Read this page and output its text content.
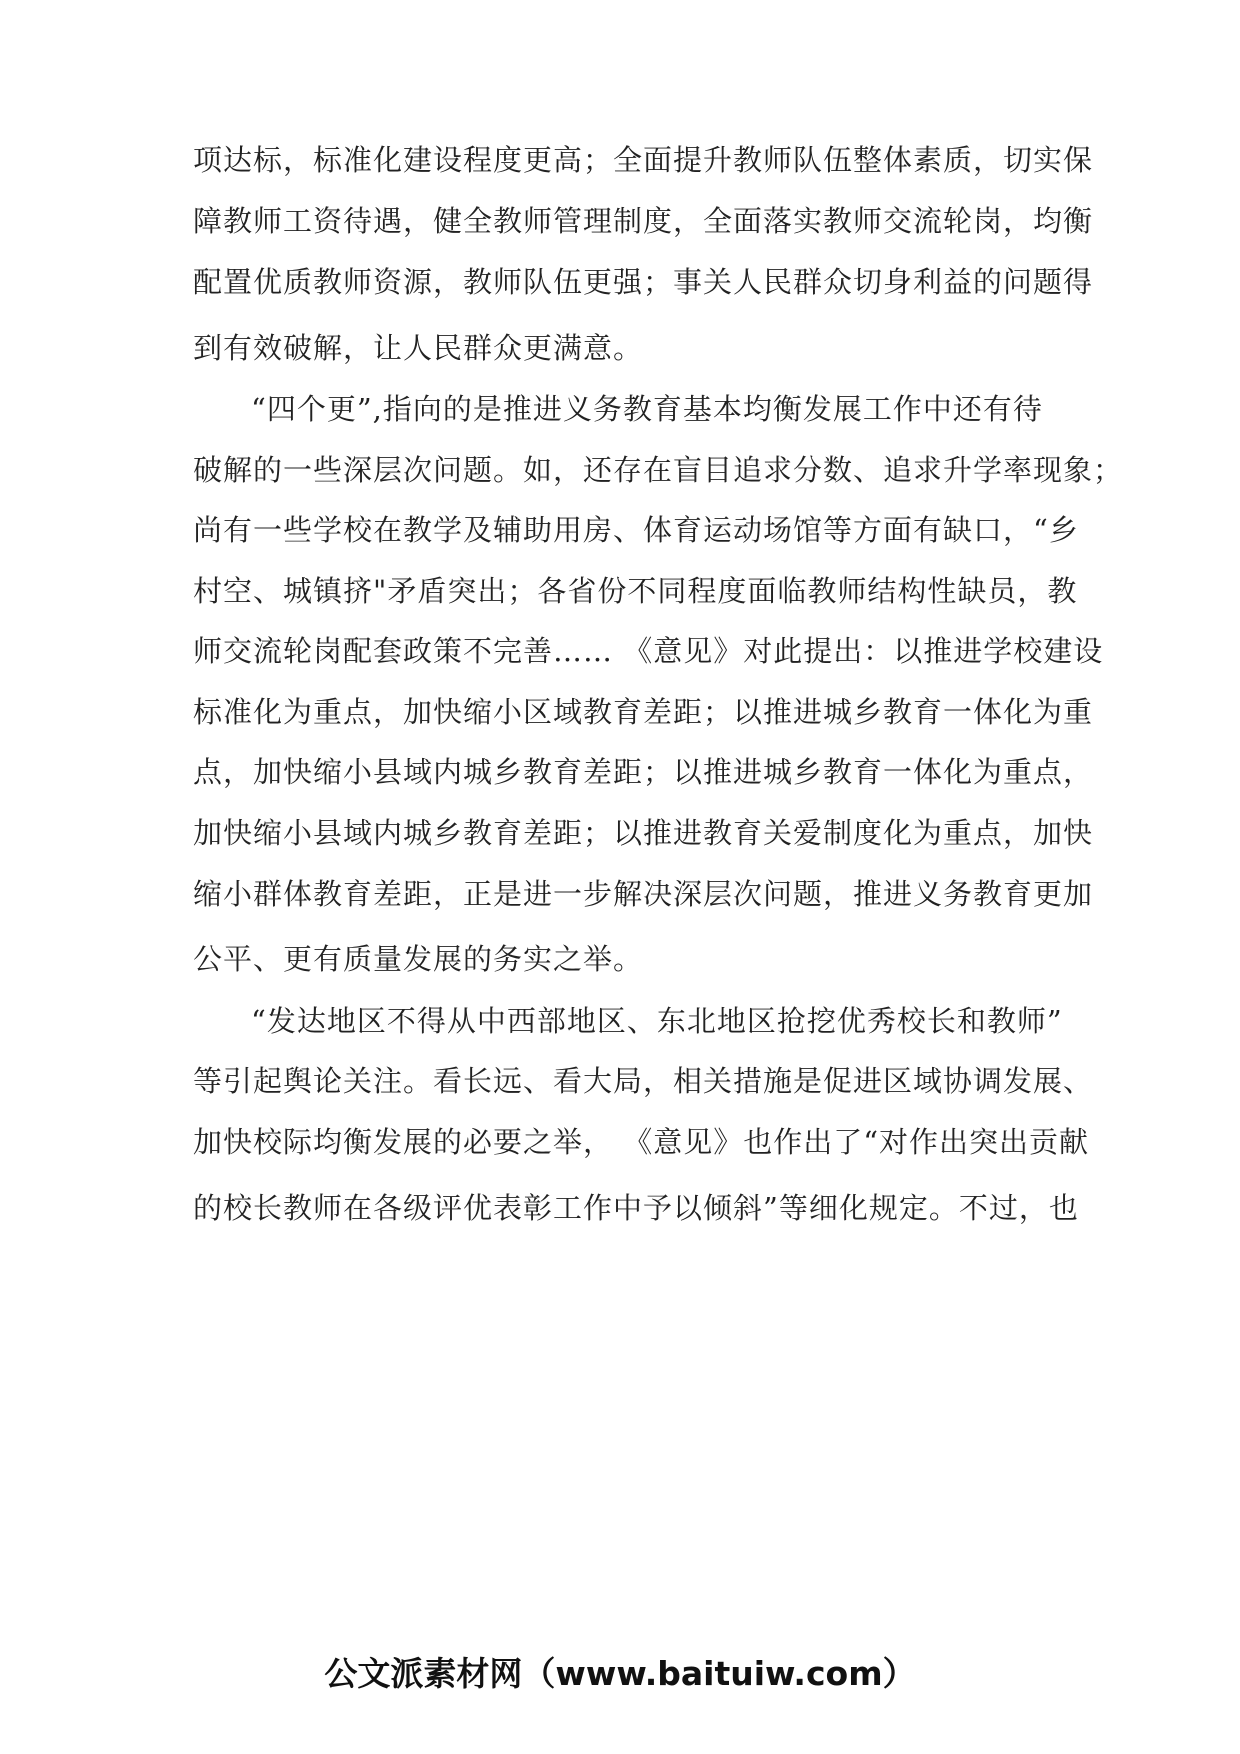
项达标，标准化建设程度更高；全面提升教师队伍整体素质，切实保
障教师工资待遇，健全教师管理制度，全面落实教师交流轮岗，均衡
配置优质教师资源，教师队伍更强；事关人民群众切身利益的问题得
到有效破解，让人民群众更满意。
“四个更”,指向的是推进义务教育基本均衡发展工作中还有待
破解的一些深层次问题。如，还存在盲目追求分数、追求升学率现象；
尚有一些学校在教学及辅助用房、体育运动场馆等方面有缺口，“乡
村空、城镇挤"矛盾突出；各省份不同程度面临教师结构性缺员，教
师交流轮岗配套政策不完善…… 《意见》对此提出：以推进学校建设
标准化为重点，加快缩小区域教育差距；以推进城乡教育一体化为重
点，加快缩小县域内城乡教育差距；以推进城乡教育一体化为重点，
加快缩小县域内城乡教育差距；以推进教育关爱制度化为重点，加快
缩小群体教育差距，正是进一步解决深层次问题，推进义务教育更加
公平、更有质量发展的务实之举。
“发达地区不得从中西部地区、东北地区抢挖优秀校长和教师”
等引起舆论关注。看长远、看大局，相关措施是促进区域协调发展、
加快校际均衡发展的必要之举， 《意见》也作出了“对作出突出贡献
的校长教师在各级评优表彰工作中予以倾斜”等细化规定。不过，也
公文派素材网（www.baituiw.com）
